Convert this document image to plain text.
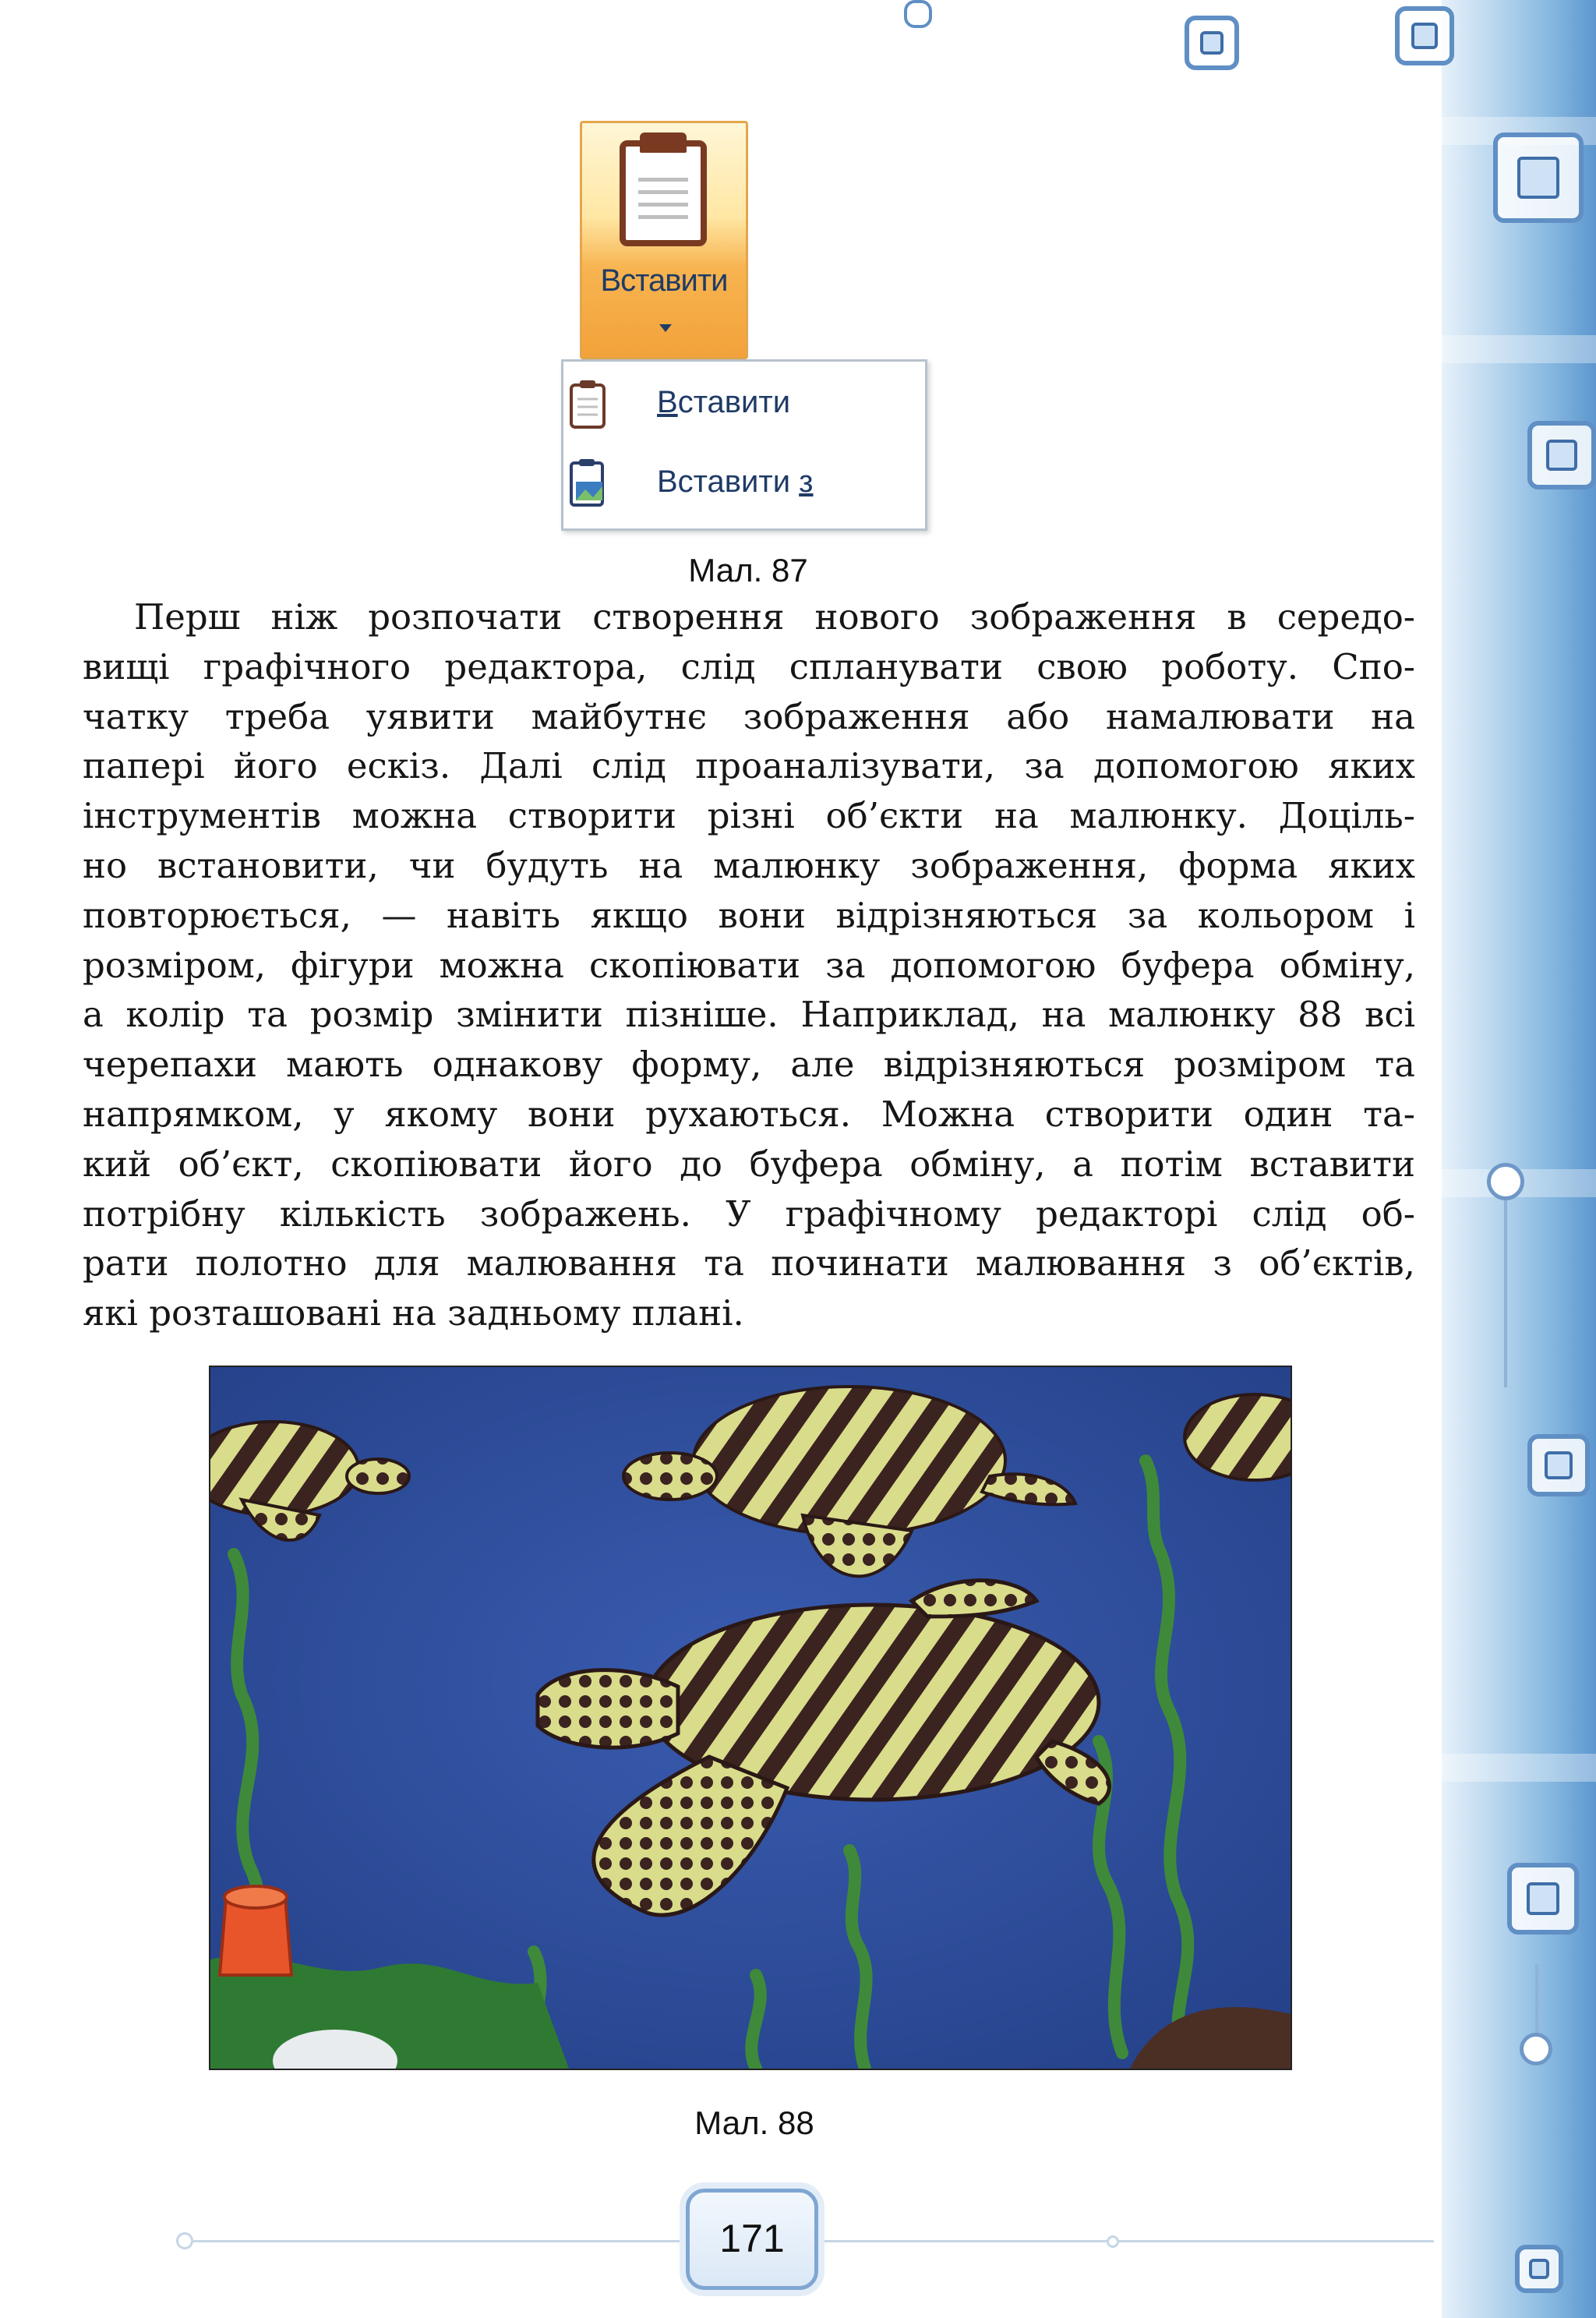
Вставити
Вставити
Вставити з
Мал. 87
Перш ніж розпочати створення нового зображення в середо-
вищі графічного редактора, слід спланувати свою роботу. Спо-
чатку треба уявити майбутнє зображення або намалювати на
папері його ескіз. Далі слід проаналізувати, за допомогою яких
інструментів можна створити різні об’єкти на малюнку. Доціль-
но встановити, чи будуть на малюнку зображення, форма яких
повторюється, — навіть якщо вони відрізняються за кольором і
розміром, фігури можна скопіювати за допомогою буфера обміну,
а колір та розмір змінити пізніше. Наприклад, на малюнку 88 всі
черепахи мають однакову форму, але відрізняються розміром та
напрямком, у якому вони рухаються. Можна створити один та-
кий об’єкт, скопіювати його до буфера обміну, а потім вставити
потрібну кількість зображень. У графічному редакторі слід об-
рати полотно для малювання та починати малювання з об’єктів,
які розташовані на задньому плані.
Мал. 88
171
